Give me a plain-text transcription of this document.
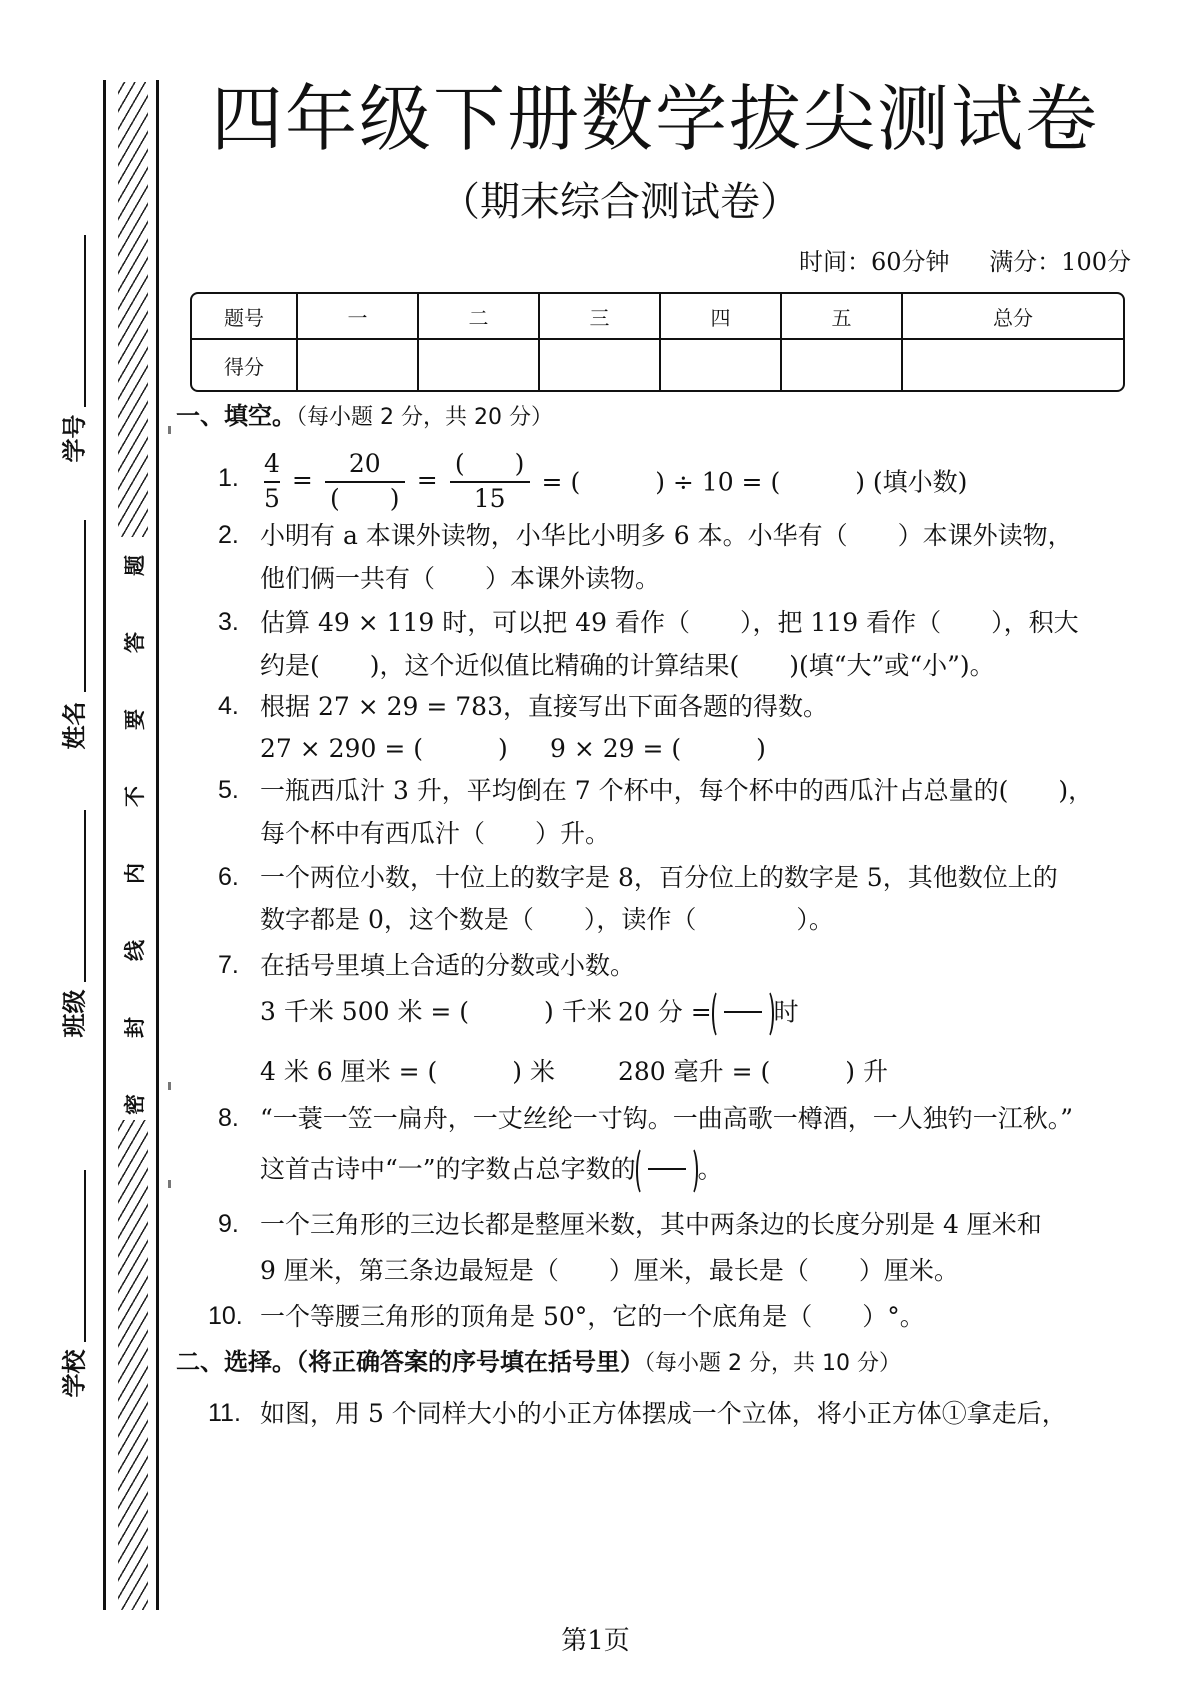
题
答
要
不
内
线
封
密
学号
姓名
班级
学校
四年级下册数学拔尖测试卷
（期末综合测试卷）
时间：60分钟 满分：100分
题号	一	二	三	四	五	总分
得分						
一、填空。（每小题 2 分，共 20 分）
1. $\frac{4}{5} = \frac{20}{( )} = \frac{( )}{15}$ = (　　　) ÷ 10 = (　　　) (填小数)
2. 小明有 a 本课外读物，小华比小明多 6 本。小华有（　　）本课外读物，
他们俩一共有（　　）本课外读物。
3. 估算 49 × 119 时，可以把 49 看作（　　），把 119 看作（　　），积大
约是(　　)，这个近似值比精确的计算结果(　　)(填“大”或“小”)。
4. 根据 27 × 29 = 783，直接写出下面各题的得数。
27 × 290 = (　　　) 9 × 29 = (　　　)
5. 一瓶西瓜汁 3 升，平均倒在 7 个杯中，每个杯中的西瓜汁占总量的(　　)，
每个杯中有西瓜汁（　　）升。
6. 一个两位小数，十位上的数字是 8，百分位上的数字是 5，其他数位上的
数字都是 0，这个数是（　　），读作（　　　　）。
7. 在括号里填上合适的分数或小数。
3 千米 500 米 = (　　　) 千米 20 分 = 时
4 米 6 厘米 = (　　　) 米	280 毫升 = (　　　) 升
8. “一蓑一笠一扁舟，一丈丝纶一寸钩。一曲高歌一樽酒，一人独钓一江秋。”
这首古诗中“一”的字数占总字数的 。
9. 一个三角形的三边长都是整厘米数，其中两条边的长度分别是 4 厘米和
9 厘米，第三条边最短是（　　）厘米，最长是（　　）厘米。
10. 一个等腰三角形的顶角是 50°，它的一个底角是（　　）°。
二、选择。（将正确答案的序号填在括号里）（每小题 2 分，共 10 分）
11. 如图，用 5 个同样大小的小正方体摆成一个立体，将小正方体①拿走后，
第1页
